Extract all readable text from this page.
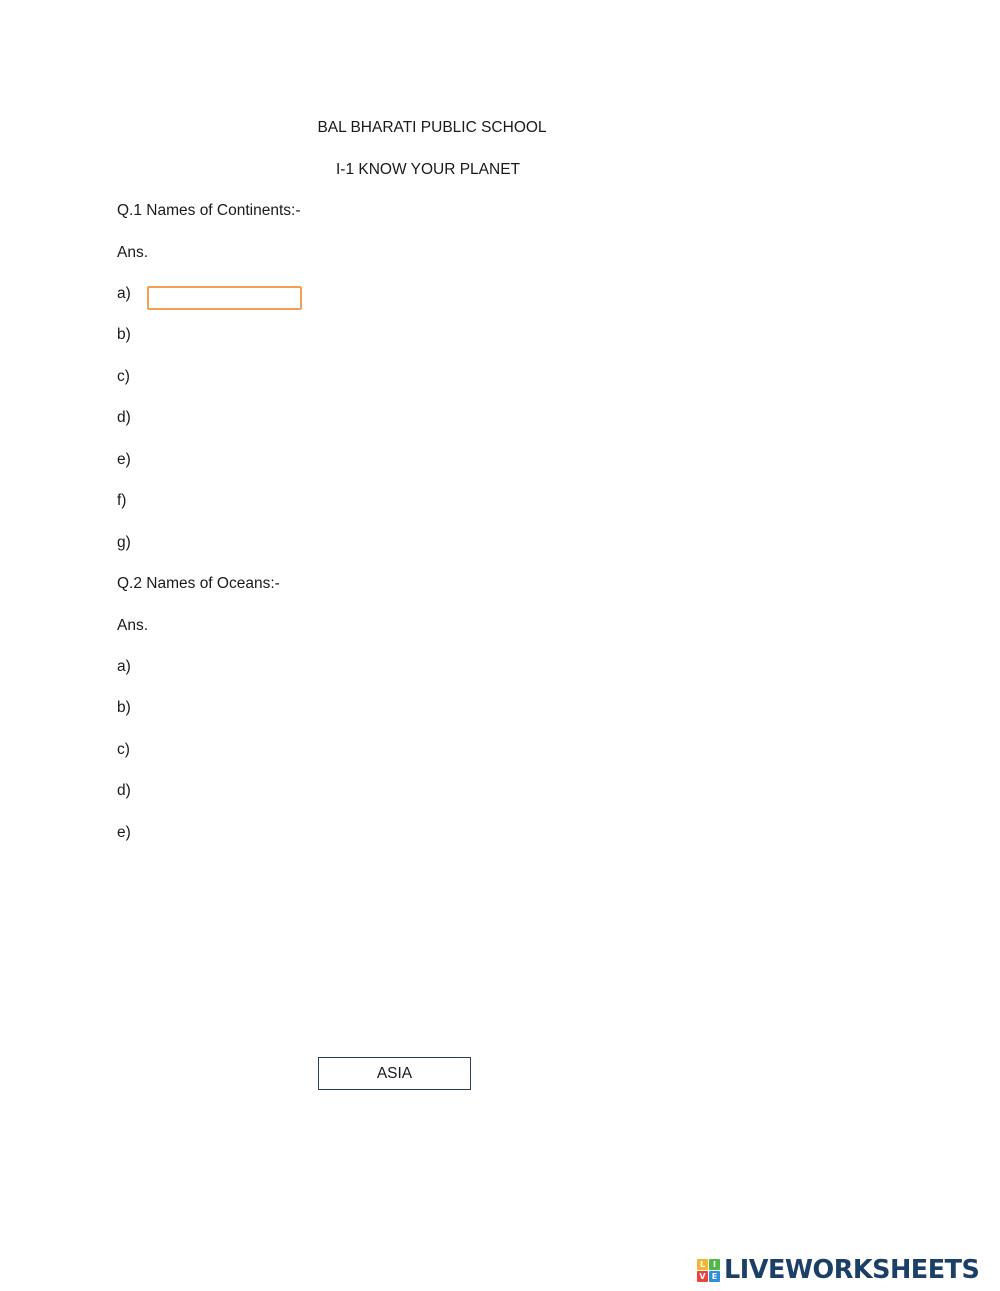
BAL BHARATI PUBLIC SCHOOL
I-1 KNOW YOUR PLANET
Q.1 Names of Continents:-
Ans.
a)
b)
c)
d)
e)
f)
g)
Q.2 Names of Oceans:-
Ans.
a)
b)
c)
d)
e)
ASIA
L I
V E LIVEWORKSHEETS
